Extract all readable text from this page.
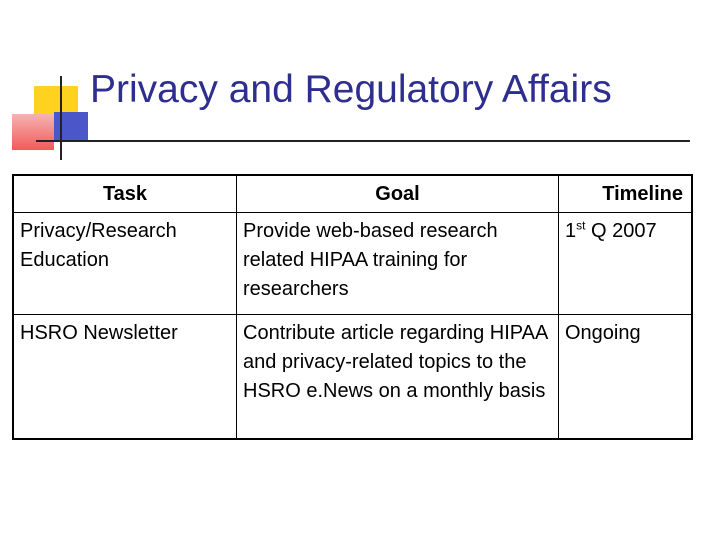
Privacy and Regulatory Affairs
Task	Goal	Timeline
Privacy/Research Education	Provide web-based research related HIPAA training for researchers	1st Q 2007
HSRO Newsletter	Contribute article regarding HIPAA and privacy-related topics to the HSRO e.News on a monthly basis	Ongoing
